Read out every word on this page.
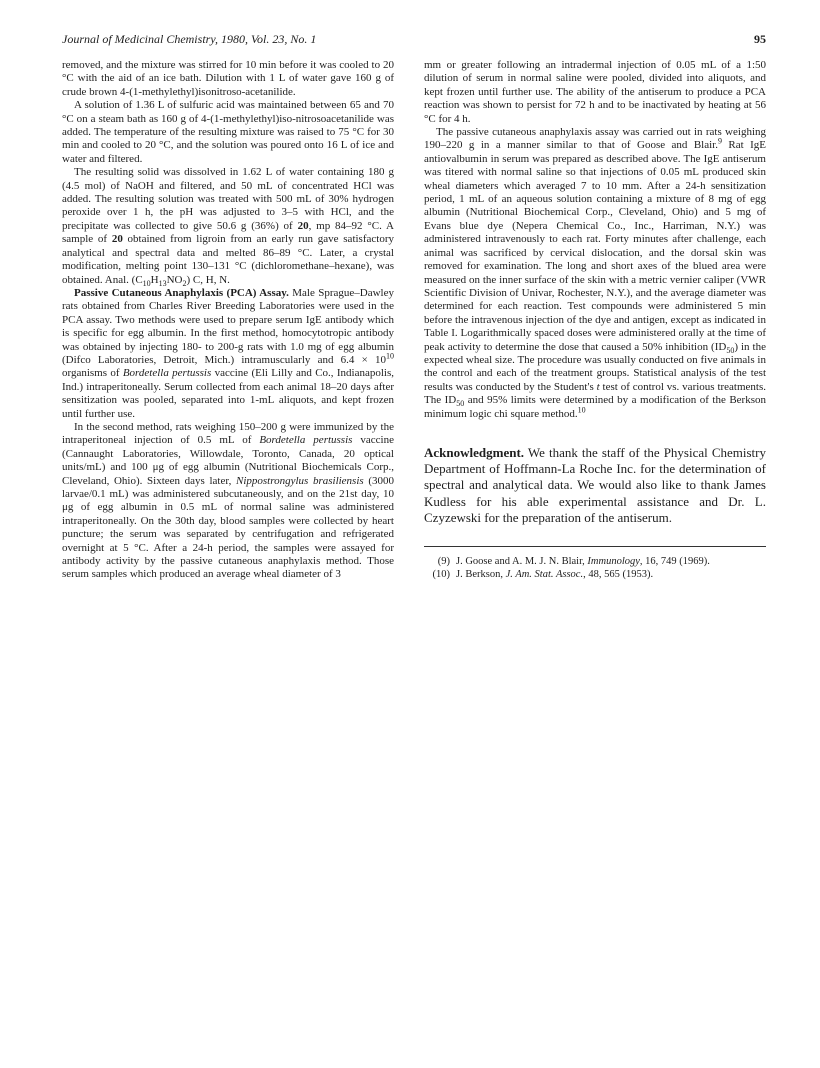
Journal of Medicinal Chemistry, 1980, Vol. 23, No. 1	95

removed, and the mixture was stirred for 10 min before it was cooled to 20 °C with the aid of an ice bath. Dilution with 1 L of water gave 160 g of crude brown 4-(1-methylethyl)isonitroso-acetanilide.

A solution of 1.36 L of sulfuric acid was maintained between 65 and 70 °C on a steam bath as 160 g of 4-(1-methylethyl)iso-nitrosoacetanilide was added. The temperature of the resulting mixture was raised to 75 °C for 30 min and cooled to 20 °C, and the solution was poured onto 16 L of ice and water and filtered.

The resulting solid was dissolved in 1.62 L of water containing 180 g (4.5 mol) of NaOH and filtered, and 50 mL of concentrated HCl was added. The resulting solution was treated with 500 mL of 30% hydrogen peroxide over 1 h, the pH was adjusted to 3–5 with HCl, and the precipitate was collected to give 50.6 g (36%) of 20, mp 84–92 °C. A sample of 20 obtained from ligroin from an early run gave satisfactory analytical and spectral data and melted 86–89 °C. Later, a crystal modification, melting point 130–131 °C (dichloromethane–hexane), was obtained. Anal. $(C_{10}H_{13}NO_2)$ C, H, N.

Passive Cutaneous Anaphylaxis (PCA) Assay. Male Sprague–Dawley rats obtained from Charles River Breeding Laboratories were used in the PCA assay. Two methods were used to prepare serum IgE antibody which is specific for egg albumin. In the first method, homocytotropic antibody was obtained by injecting 180- to 200-g rats with 1.0 mg of egg albumin (Difco Laboratories, Detroit, Mich.) intramuscularly and $6.4 \times 10^{10}$ organisms of Bordetella pertussis vaccine (Eli Lilly and Co., Indianapolis, Ind.) intraperitoneally. Serum collected from each animal 18–20 days after sensitization was pooled, separated into 1-mL aliquots, and kept frozen until further use.

In the second method, rats weighing 150–200 g were immunized by the intraperitoneal injection of 0.5 mL of Bordetella pertussis vaccine (Cannaught Laboratories, Willowdale, Toronto, Canada, 20 optical units/mL) and 100 μg of egg albumin (Nutritional Biochemicals Corp., Cleveland, Ohio). Sixteen days later, Nippostrongylus brasiliensis (3000 larvae/0.1 mL) was administered subcutaneously, and on the 21st day, 10 μg of egg albumin in 0.5 mL of normal saline was administered intraperitoneally. On the 30th day, blood samples were collected by heart puncture; the serum was separated by centrifugation and refrigerated overnight at 5 °C. After a 24-h period, the samples were assayed for antibody activity by the passive cutaneous anaphylaxis method. Those serum samples which produced an average wheal diameter of 3

mm or greater following an intradermal injection of 0.05 mL of a 1:50 dilution of serum in normal saline were pooled, divided into aliquots, and kept frozen until further use. The ability of the antiserum to produce a PCA reaction was shown to persist for 72 h and to be inactivated by heating at 56 °C for 4 h.

The passive cutaneous anaphylaxis assay was carried out in rats weighing 190–220 g in a manner similar to that of Goose and Blair.$^9$ Rat IgE antiovalbumin in serum was prepared as described above. The IgE antiserum was titered with normal saline so that injections of 0.05 mL produced skin wheal diameters which averaged 7 to 10 mm. After a 24-h sensitization period, 1 mL of an aqueous solution containing a mixture of 8 mg of egg albumin (Nutritional Biochemical Corp., Cleveland, Ohio) and 5 mg of Evans blue dye (Nepera Chemical Co., Inc., Harriman, N.Y.) was administered intravenously to each rat. Forty minutes after challenge, each animal was sacrificed by cervical dislocation, and the dorsal skin was removed for examination. The long and short axes of the blued area were measured on the inner surface of the skin with a metric vernier caliper (VWR Scientific Division of Univar, Rochester, N.Y.), and the average diameter was determined for each reaction. Test compounds were administered 5 min before the intravenous injection of the dye and antigen, except as indicated in Table I. Logarithmically spaced doses were administered orally at the time of peak activity to determine the dose that caused a 50% inhibition $(ID_{50})$ in the expected wheal size. The procedure was usually conducted on five animals in the control and each of the treatment groups. Statistical analysis of the test results was conducted by the Student's t test of control vs. various treatments. The $ID_{50}$ and 95% limits were determined by a modification of the Berkson minimum logic chi square method.$^{10}$

Acknowledgment. We thank the staff of the Physical Chemistry Department of Hoffmann-La Roche Inc. for the determination of spectral and analytical data. We would also like to thank James Kudless for his able experimental assistance and Dr. L. Czyzewski for the preparation of the antiserum.

(9) J. Goose and A. M. J. N. Blair, Immunology, 16, 749 (1969).
(10) J. Berkson, J. Am. Stat. Assoc., 48, 565 (1953).
